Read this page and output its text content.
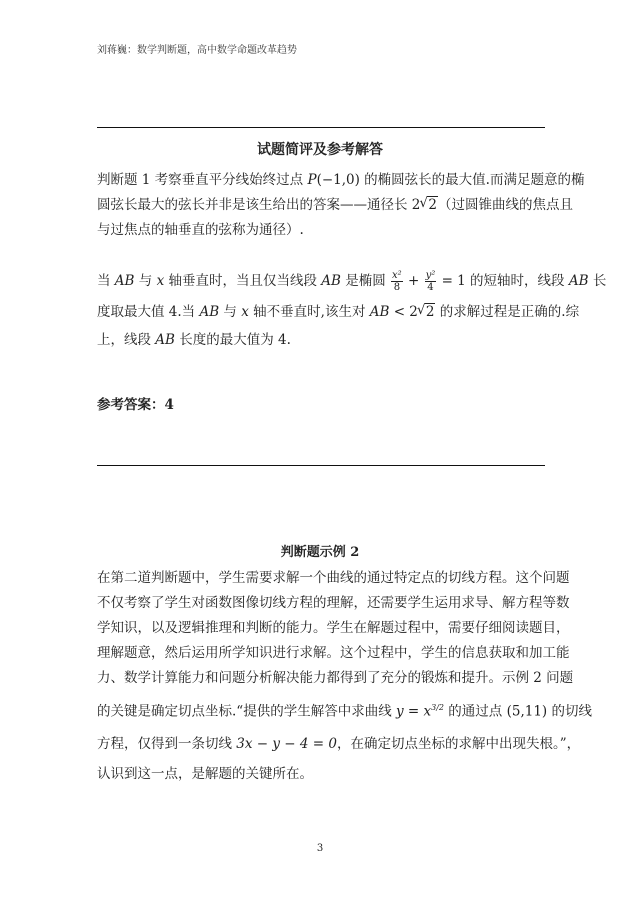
刘蒋巍：数学判断题，高中数学命题改革趋势
试题简评及参考解答
判断题 1 考察垂直平分线始终过点 P(−1,0) 的椭圆弦长的最大值.而满足题意的椭
圆弦长最大的弦长并非是该生给出的答案——通径长 2 √ 2（过圆锥曲线的焦点且
与过焦点的轴垂直的弦称为通径）.
当 AB 与 x 轴垂直时，当且仅当线段 AB 是椭圆 $\frac{\text{x²}}{8} + \frac{\text{y²}}{4} = 1$ 的短轴时，线段 AB 长
度取最大值 4.当 AB 与 x 轴不垂直时,该生对 AB < 2 √ 2 的求解过程是正确的.综
上，线段 AB 长度的最大值为 4.
参考答案：4
判断题示例 2
在第二道判断题中，学生需要求解一个曲线的通过特定点的切线方程。这个问题
不仅考察了学生对函数图像切线方程的理解，还需要学生运用求导、解方程等数
学知识，以及逻辑推理和判断的能力。学生在解题过程中，需要仔细阅读题目，
理解题意，然后运用所学知识进行求解。这个过程中，学生的信息获取和加工能
力、数学计算能力和问题分析解决能力都得到了充分的锻炼和提升。示例 2 问题
的关键是确定切点坐标.“提供的学生解答中求曲线 $y = x^{3/2}$ 的通过点 (5,11) 的切线
方程，仅得到一条切线 3x − y − 4 = 0，在确定切点坐标的求解中出现失根。”，
认识到这一点，是解题的关键所在。
3
